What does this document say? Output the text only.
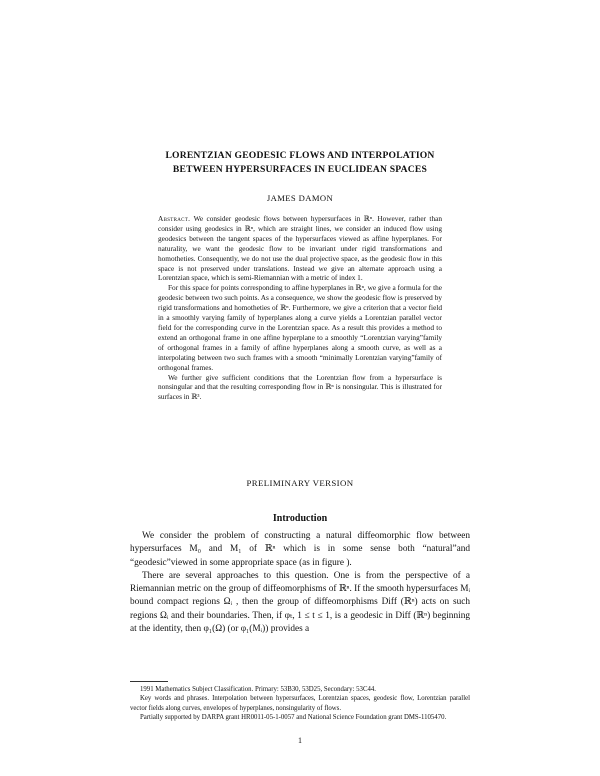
LORENTZIAN GEODESIC FLOWS AND INTERPOLATION
BETWEEN HYPERSURFACES IN EUCLIDEAN SPACES
JAMES DAMON

Abstract. We consider geodesic flows between hypersurfaces in ℝⁿ. However, rather than consider using geodesics in ℝⁿ, which are straight lines, we consider an induced flow using geodesics between the tangent spaces of the hypersurfaces viewed as affine hyperplanes. For naturality, we want the geodesic flow to be invariant under rigid transformations and homotheties. Consequently, we do not use the dual projective space, as the geodesic flow in this space is not preserved under translations. Instead we give an alternate approach using a Lorentzian space, which is semi-Riemannian with a metric of index 1.

For this space for points corresponding to affine hyperplanes in ℝⁿ, we give a formula for the geodesic between two such points. As a consequence, we show the geodesic flow is preserved by rigid transformations and homotheties of ℝⁿ. Furthermore, we give a criterion that a vector field in a smoothly varying family of hyperplanes along a curve yields a Lorentzian parallel vector field for the corresponding curve in the Lorentzian space. As a result this provides a method to extend an orthogonal frame in one affine hyperplane to a smoothly “Lorentzian varying”family of orthogonal frames in a family of affine hyperplanes along a smooth curve, as well as a interpolating between two such frames with a smooth “minimally Lorentzian varying”family of orthogonal frames.

We further give sufficient conditions that the Lorentzian flow from a hypersurface is nonsingular and that the resulting corresponding flow in ℝⁿ is nonsingular. This is illustrated for surfaces in ℝ³.

PRELIMINARY VERSION
Introduction

We consider the problem of constructing a natural diffeomorphic flow between hypersurfaces M₀ and M₁ of ℝⁿ which is in some sense both “natural”and “geodesic”viewed in some appropriate space (as in figure ).

There are several approaches to this question. One is from the perspective of a Riemannian metric on the group of diffeomorphisms of ℝⁿ. If the smooth hypersurfaces Mᵢ bound compact regions Ωᵢ , then the group of diffeomorphisms Diff (ℝⁿ) acts on such regions Ωᵢ and their boundaries. Then, if φₜ, 1 ≤ t ≤ 1, is a geodesic in Diff (ℝⁿ) beginning at the identity, then φ₁(Ω) (or φ₁(Mᵢ)) provides a

1991 Mathematics Subject Classification. Primary: 53B30, 53D25, Secondary: 53C44.

Key words and phrases. Interpolation between hypersurfaces, Lorentzian spaces, geodesic flow, Lorentzian parallel vector fields along curves, envelopes of hyperplanes, nonsingularity of flows.

Partially supported by DARPA grant HR0011-05-1-0057 and National Science Foundation grant DMS-1105470.

1
